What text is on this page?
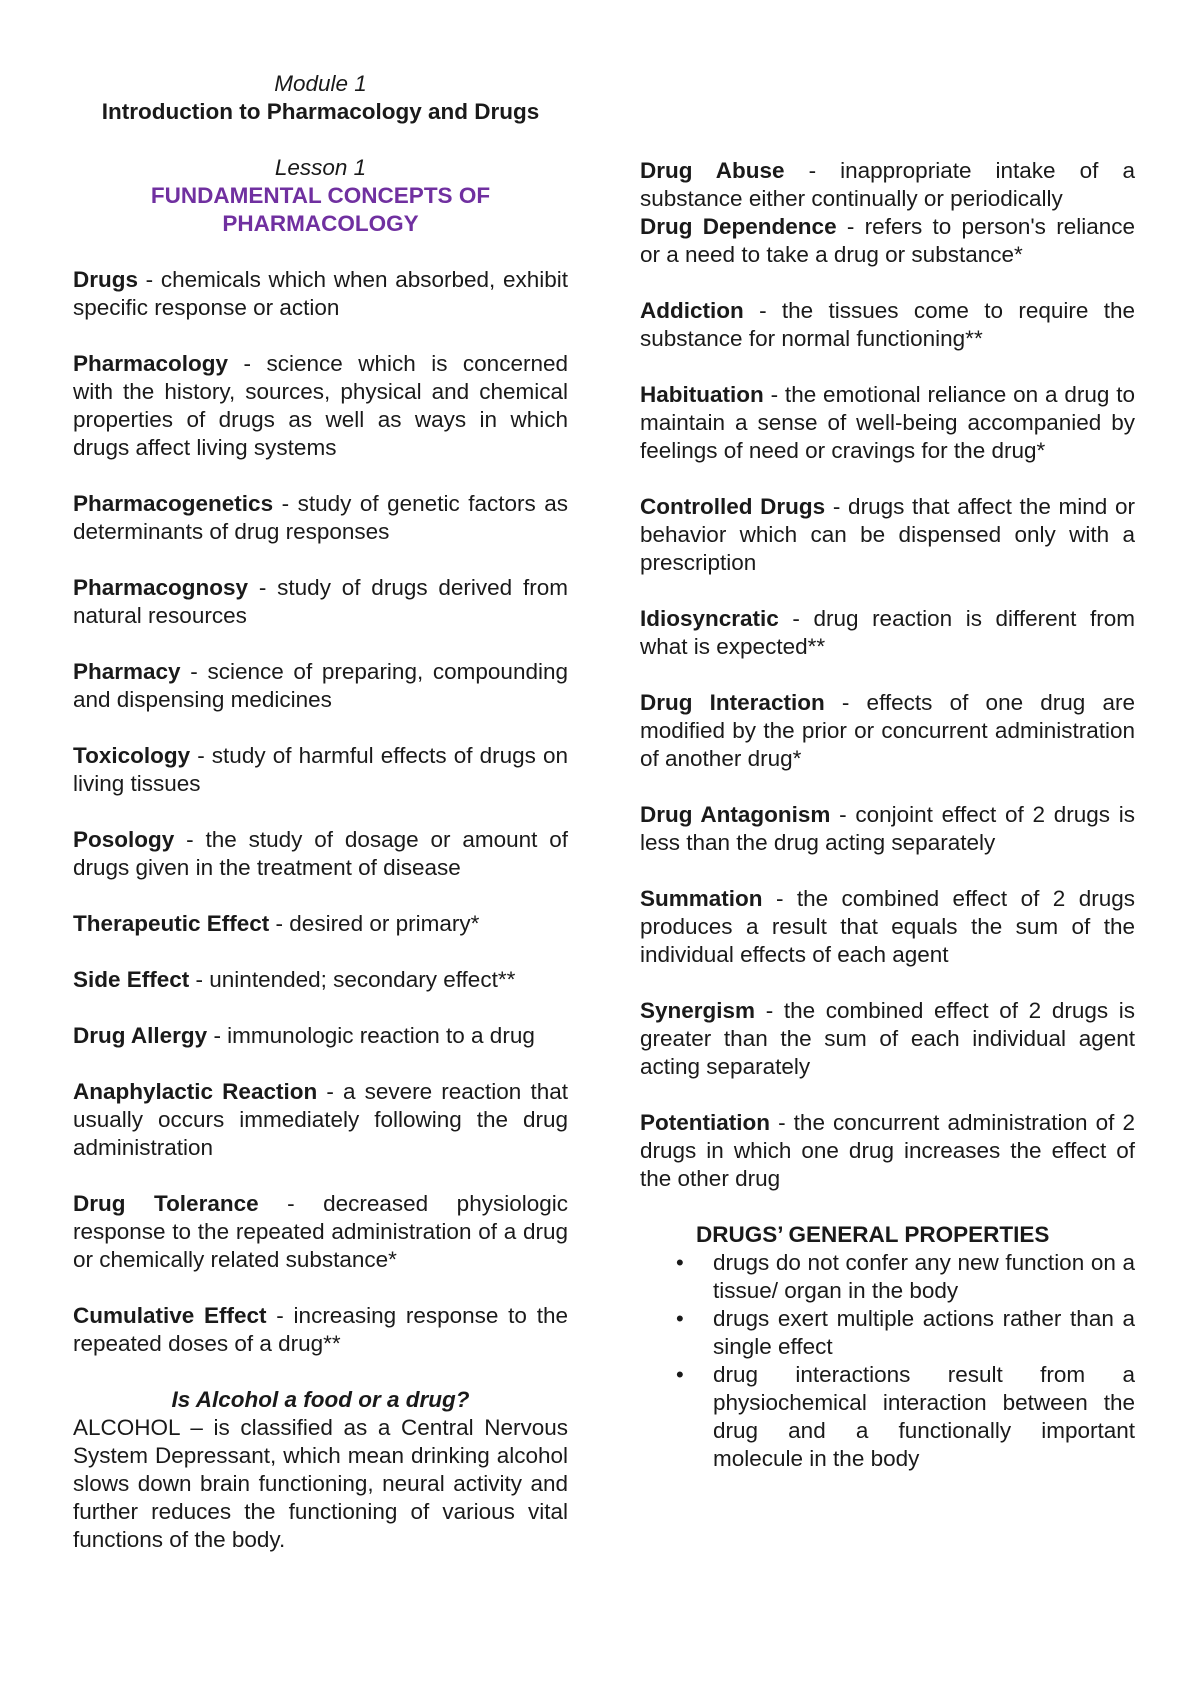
Module 1
Introduction to Pharmacology and Drugs
Lesson 1
FUNDAMENTAL CONCEPTS OF
PHARMACOLOGY

Drugs - chemicals which when absorbed, exhibit specific response or action

Pharmacology - science which is concerned with the history, sources, physical and chemical properties of drugs as well as ways in which drugs affect living systems

Pharmacogenetics - study of genetic factors as determinants of drug responses

Pharmacognosy - study of drugs derived from natural resources

Pharmacy - science of preparing, compounding and dispensing medicines

Toxicology - study of harmful effects of drugs on living tissues

Posology - the study of dosage or amount of drugs given in the treatment of disease

Therapeutic Effect - desired or primary*

Side Effect - unintended; secondary effect**

Drug Allergy - immunologic reaction to a drug

Anaphylactic Reaction - a severe reaction that usually occurs immediately following the drug administration

Drug Tolerance - decreased physiologic response to the repeated administration of a drug or chemically related substance*

Cumulative Effect - increasing response to the repeated doses of a drug**

Is Alcohol a food or a drug?

ALCOHOL – is classified as a Central Nervous System Depressant, which mean drinking alcohol slows down brain functioning, neural activity and further reduces the functioning of various vital functions of the body.

Drug Abuse - inappropriate intake of a substance either continually or periodically

Drug Dependence - refers to person's reliance or a need to take a drug or substance*

Addiction - the tissues come to require the substance for normal functioning**

Habituation - the emotional reliance on a drug to maintain a sense of well-being accompanied by feelings of need or cravings for the drug*

Controlled Drugs - drugs that affect the mind or behavior which can be dispensed only with a prescription

Idiosyncratic - drug reaction is different from what is expected**

Drug Interaction - effects of one drug are modified by the prior or concurrent administration of another drug*

Drug Antagonism - conjoint effect of 2 drugs is less than the drug acting separately

Summation - the combined effect of 2 drugs produces a result that equals the sum of the individual effects of each agent

Synergism - the combined effect of 2 drugs is greater than the sum of each individual agent acting separately

Potentiation - the concurrent administration of 2 drugs in which one drug increases the effect of the other drug

DRUGS’ GENERAL PROPERTIES

• drugs do not confer any new function on a tissue/ organ in the body
• drugs exert multiple actions rather than a single effect
• drug interactions result from a physiochemical interaction between the drug and a functionally important molecule in the body
